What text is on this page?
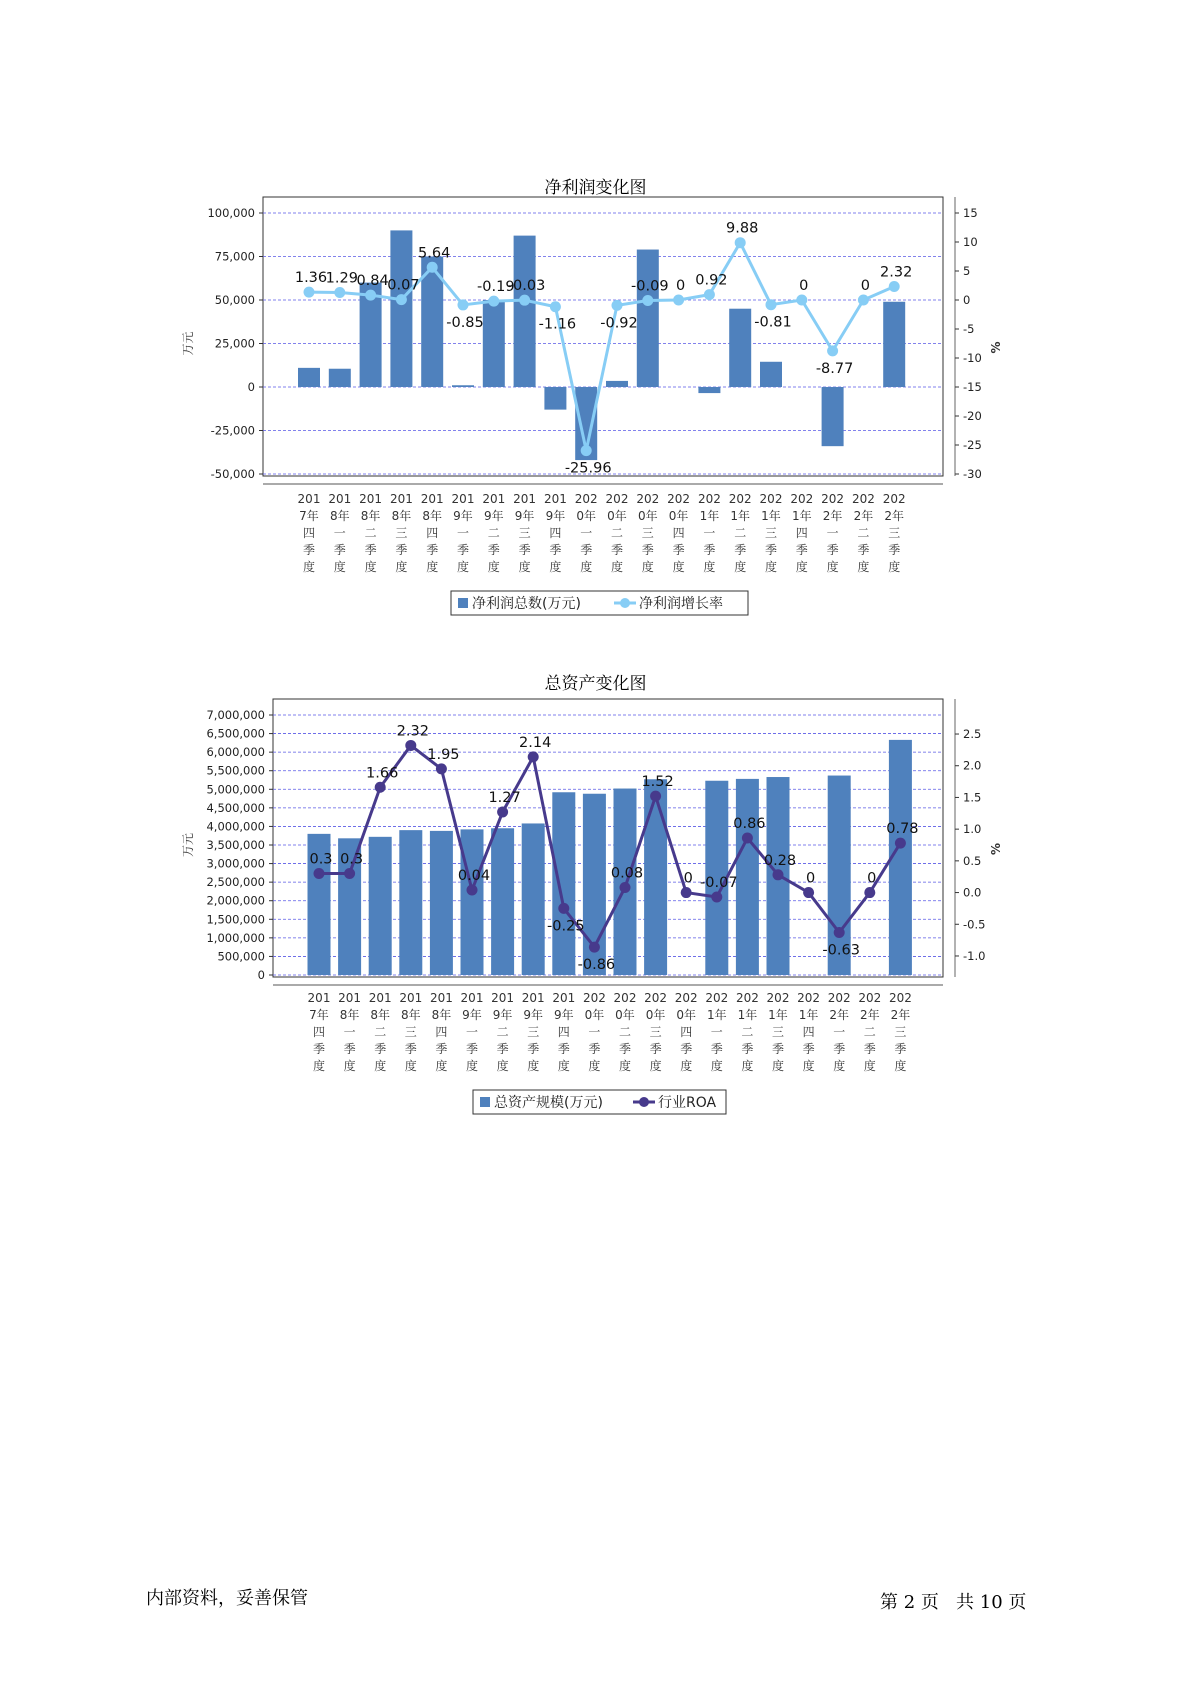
净利润变化图
100,000
75,000
50,000
25,000
0
-25,000
-50,000
15
10
5
0
-5
-10
-15
-20
-25
-30
万元	%
201
7年
四
季
度
201
8年
一
季
度
201
8年
二
季
度
201
8年
三
季
度
201
8年
四
季
度
201
9年
一
季
度
201
9年
二
季
度
201
9年
三
季
度
201
9年
四
季
度
202
0年
一
季
度
202
0年
二
季
度
202
0年
三
季
度
202
0年
四
季
度
202
1年
一
季
度
202
1年
二
季
度
202
1年
三
季
度
202
1年
四
季
度
202
2年
一
季
度
202
2年
二
季
度
202
2年
三
季
度
1.36
1.29
0.84
0.07
5.64
-0.85
-0.19
-0.03
-1.16
-25.96
-0.92
-0.09 0 0.92
9.88
-0.81
0
-8.77
0
2.32
净利润总数(万元)	净利润增长率
总资产变化图
7,000,000
6,500,000
6,000,000
5,500,000
5,000,000
4,500,000
4,000,000
3,500,000
3,000,000
2,500,000
2,000,000
1,500,000
1,000,000
500,000
0
2.5
2.0
1.5
1.0
0.5
0.0
-0.5
-1.0
万元	%
201
7年
四
季
度
201
8年
一
季
度
201
8年
二
季
度
201
8年
三
季
度
201
8年
四
季
度
201
9年
一
季
度
201
9年
二
季
度
201
9年
三
季
度
201
9年
四
季
度
202
0年
一
季
度
202
0年
二
季
度
202
0年
三
季
度
202
0年
四
季
度
202
1年
一
季
度
202
1年
二
季
度
202
1年
三
季
度
202
1年
四
季
度
202
2年
一
季
度
202
2年
二
季
度
202
2年
三
季
度
0.3 0.3
1.66
2.32
1.95
0.04
1.27
2.14
-0.25
-0.86
0.08
1.52
0 -0.07
0.86
0.28
0
-0.63
0
0.78
总资产规模(万元)	行业ROA
内部资料，妥善保管	第 2 页   共 10 页
